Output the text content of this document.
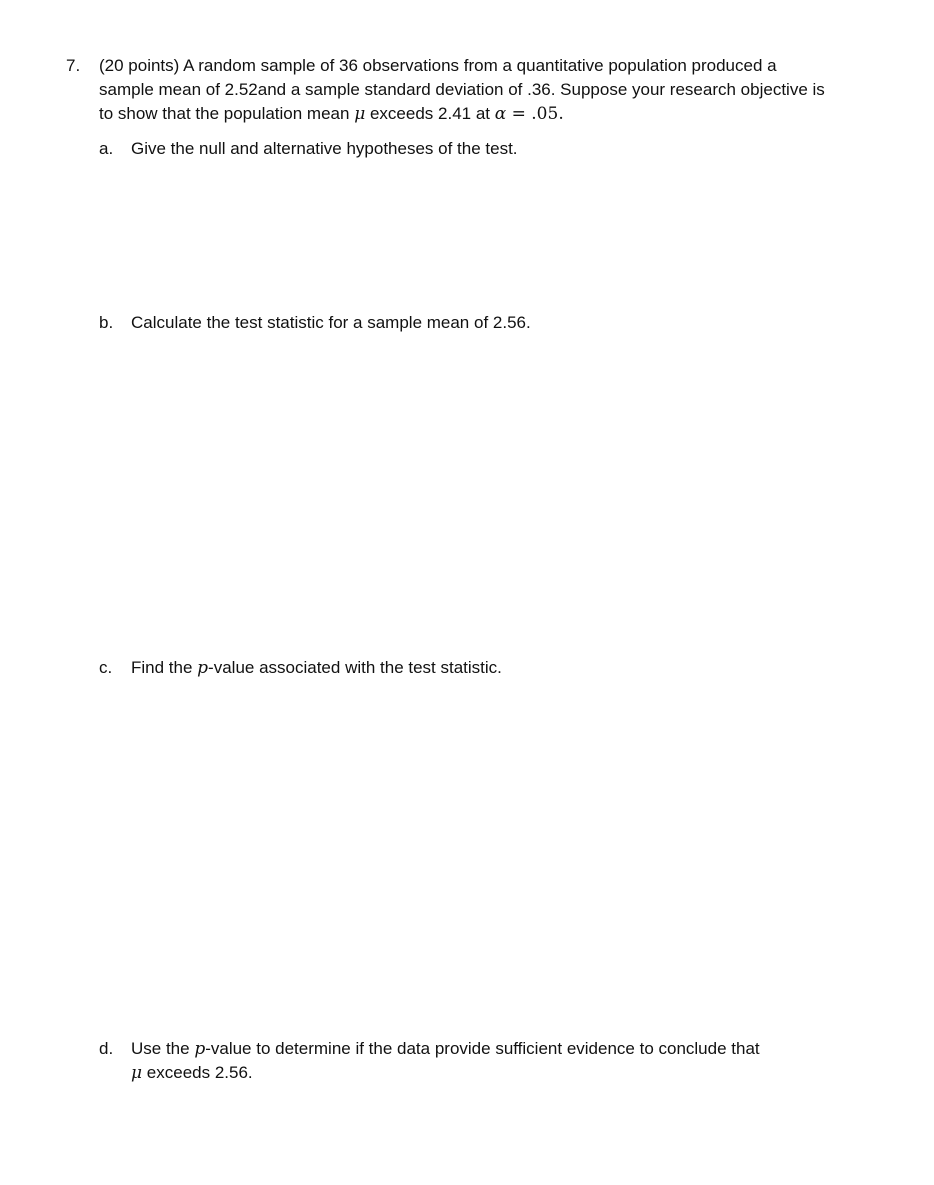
7. (20 points) A random sample of 36 observations from a quantitative population produced a
sample mean of 2.52and a sample standard deviation of .36. Suppose your research objective is
to show that the population mean μ exceeds 2.41 at α = .05.
a. Give the null and alternative hypotheses of the test.
b. Calculate the test statistic for a sample mean of 2.56.
c. Find the p-value associated with the test statistic.
d. Use the p-value to determine if the data provide sufficient evidence to conclude that
μ exceeds 2.56.
